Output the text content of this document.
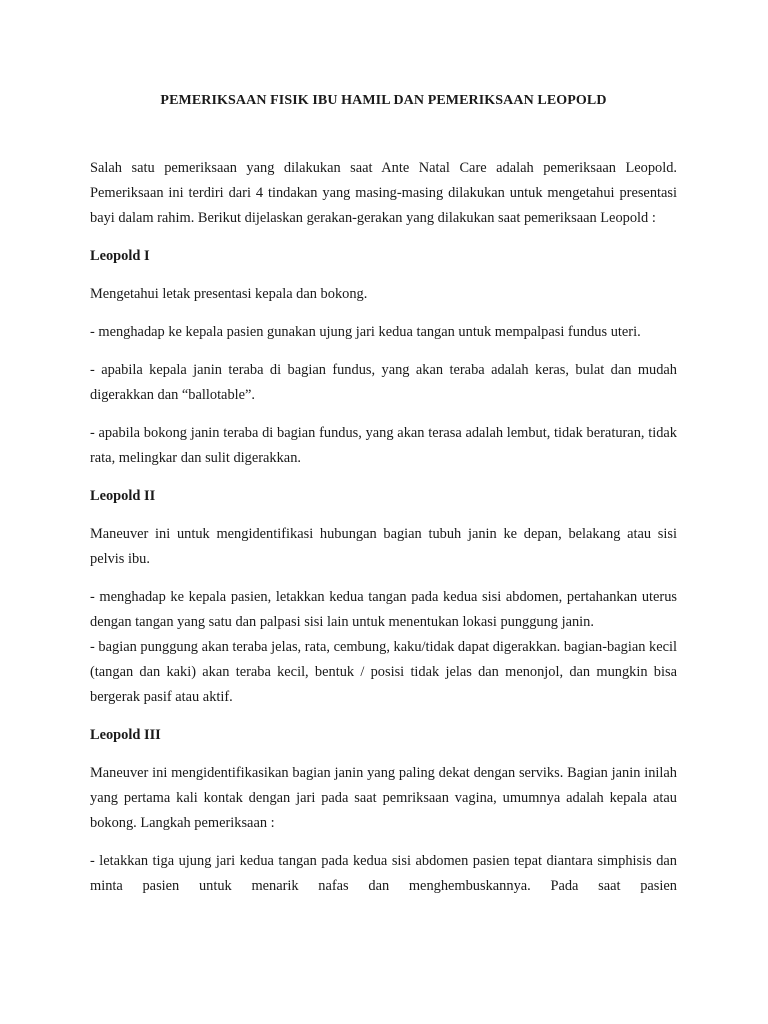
PEMERIKSAAN FISIK IBU HAMIL DAN PEMERIKSAAN LEOPOLD

Salah satu pemeriksaan yang dilakukan saat Ante Natal Care adalah pemeriksaan Leopold. Pemeriksaan ini terdiri dari 4 tindakan yang masing-masing dilakukan untuk mengetahui presentasi bayi dalam rahim. Berikut dijelaskan gerakan-gerakan yang dilakukan saat pemeriksaan Leopold :

Leopold I

Mengetahui letak presentasi kepala dan bokong.

- menghadap ke kepala pasien gunakan ujung jari kedua tangan untuk mempalpasi fundus uteri.

- apabila kepala janin teraba di bagian fundus, yang akan teraba adalah keras, bulat dan mudah digerakkan dan “ballotable”.

- apabila bokong janin teraba di bagian fundus, yang akan terasa adalah lembut, tidak beraturan, tidak rata, melingkar dan sulit digerakkan.

Leopold II

Maneuver ini untuk mengidentifikasi hubungan bagian tubuh janin ke depan, belakang atau sisi pelvis ibu.

- menghadap ke kepala pasien, letakkan kedua tangan pada kedua sisi abdomen, pertahankan uterus dengan tangan yang satu dan palpasi sisi lain untuk menentukan lokasi punggung janin.

- bagian punggung akan teraba jelas, rata, cembung, kaku/tidak dapat digerakkan. bagian-bagian kecil (tangan dan kaki) akan teraba kecil, bentuk / posisi tidak jelas dan menonjol, dan mungkin bisa bergerak pasif atau aktif.

Leopold III

Maneuver ini mengidentifikasikan bagian janin yang paling dekat dengan serviks. Bagian janin inilah yang pertama kali kontak dengan jari pada saat pemriksaan vagina, umumnya adalah kepala atau bokong. Langkah pemeriksaan :

- letakkan tiga ujung jari kedua tangan pada kedua sisi abdomen pasien tepat diantara simphisis dan minta pasien untuk menarik nafas dan menghembuskannya. Pada saat pasien
